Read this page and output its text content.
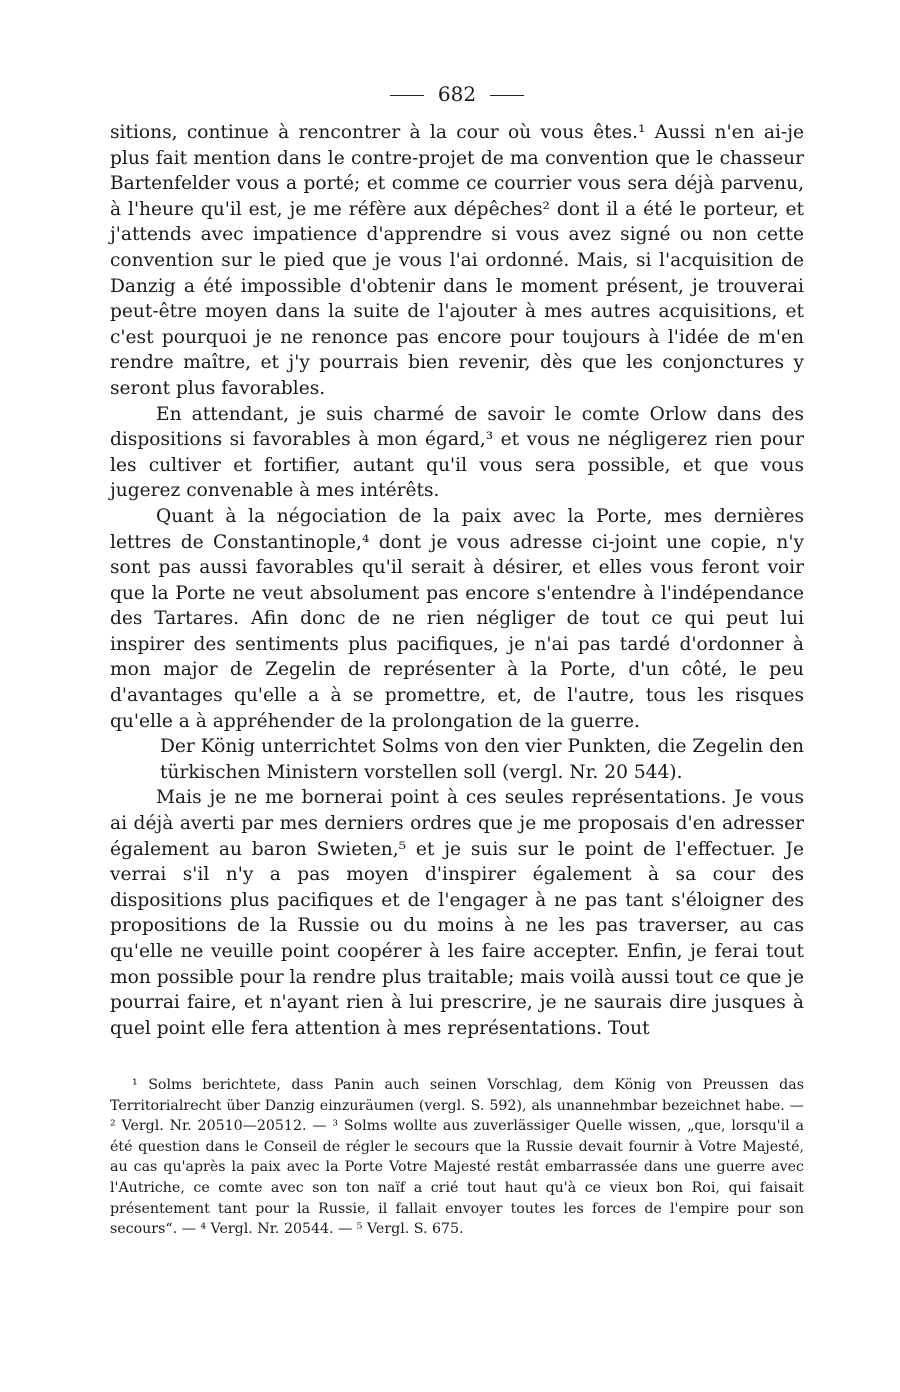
682

sitions, continue à rencontrer à la cour où vous êtes.¹ Aussi n'en ai-je plus fait mention dans le contre-projet de ma convention que le chasseur Bartenfelder vous a porté; et comme ce courrier vous sera déjà parvenu, à l'heure qu'il est, je me réfère aux dépêches² dont il a été le porteur, et j'attends avec impatience d'apprendre si vous avez signé ou non cette convention sur le pied que je vous l'ai ordonné. Mais, si l'acquisition de Danzig a été impossible d'obtenir dans le moment présent, je trouverai peut-être moyen dans la suite de l'ajouter à mes autres acquisitions, et c'est pourquoi je ne renonce pas encore pour toujours à l'idée de m'en rendre maître, et j'y pourrais bien revenir, dès que les conjonctures y seront plus favorables.

En attendant, je suis charmé de savoir le comte Orlow dans des dispositions si favorables à mon égard,³ et vous ne négligerez rien pour les cultiver et fortifier, autant qu'il vous sera possible, et que vous jugerez convenable à mes intérêts.

Quant à la négociation de la paix avec la Porte, mes dernières lettres de Constantinople,⁴ dont je vous adresse ci-joint une copie, n'y sont pas aussi favorables qu'il serait à désirer, et elles vous feront voir que la Porte ne veut absolument pas encore s'entendre à l'indépendance des Tartares. Afin donc de ne rien négliger de tout ce qui peut lui inspirer des sentiments plus pacifiques, je n'ai pas tardé d'ordonner à mon major de Zegelin de représenter à la Porte, d'un côté, le peu d'avantages qu'elle a à se promettre, et, de l'autre, tous les risques qu'elle a à appréhender de la prolongation de la guerre.

Der König unterrichtet Solms von den vier Punkten, die Zegelin den türkischen Ministern vorstellen soll (vergl. Nr. 20 544).

Mais je ne me bornerai point à ces seules représentations. Je vous ai déjà averti par mes derniers ordres que je me proposais d'en adresser également au baron Swieten,⁵ et je suis sur le point de l'effectuer. Je verrai s'il n'y a pas moyen d'inspirer également à sa cour des dispositions plus pacifiques et de l'engager à ne pas tant s'éloigner des propositions de la Russie ou du moins à ne les pas traverser, au cas qu'elle ne veuille point coopérer à les faire accepter. Enfin, je ferai tout mon possible pour la rendre plus traitable; mais voilà aussi tout ce que je pourrai faire, et n'ayant rien à lui prescrire, je ne saurais dire jusques à quel point elle fera attention à mes représentations. Tout

¹ Solms berichtete, dass Panin auch seinen Vorschlag, dem König von Preussen das Territorialrecht über Danzig einzuräumen (vergl. S. 592), als unannehmbar bezeichnet habe. — ² Vergl. Nr. 20510—20512. — ³ Solms wollte aus zuverlässiger Quelle wissen, „que, lorsqu'il a été question dans le Conseil de régler le secours que la Russie devait fournir à Votre Majesté, au cas qu'après la paix avec la Porte Votre Majesté restât embarrassée dans une guerre avec l'Autriche, ce comte avec son ton naïf a crié tout haut qu'à ce vieux bon Roi, qui faisait présentement tant pour la Russie, il fallait envoyer toutes les forces de l'empire pour son secours“. — ⁴ Vergl. Nr. 20544. — ⁵ Vergl. S. 675.
